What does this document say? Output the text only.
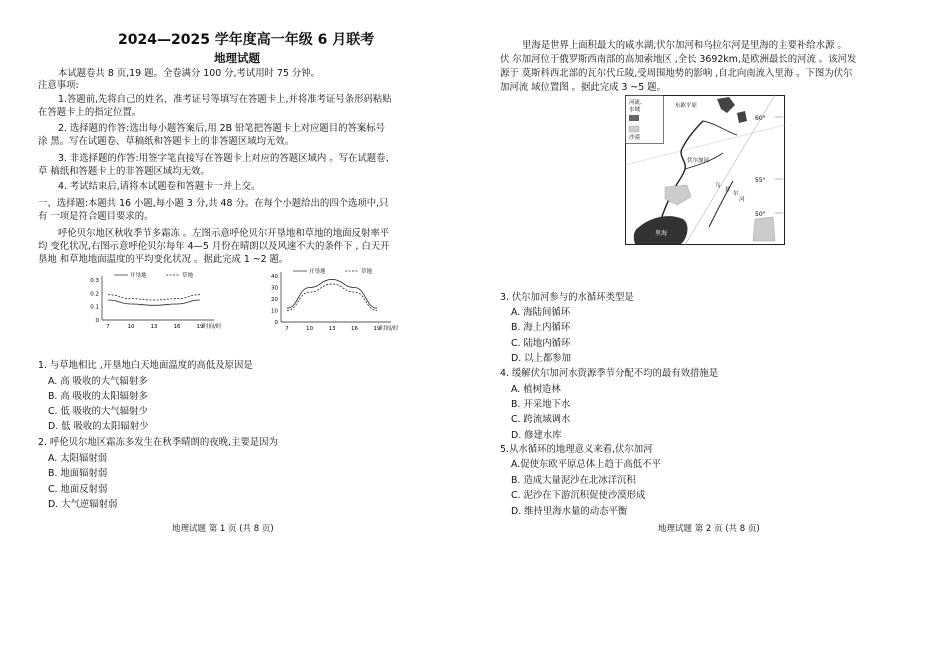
2024—2025 学年度高一年级 6 月联考
地理试题
本试题卷共 8 页,19 题。全卷满分 100 分,考试用时 75 分钟。
注意事项:
1.答题前,先将自己的姓名、准考证号等填写在答题卡上,并将准考证号条形码粘贴
在答题卡上的指定位置。
2. 选择题的作答:选出每小题答案后,用 2B 铅笔把答题卡上对应题目的答案标号
涂 黑。写在试题卷、草稿纸和答题卡上的非答题区域均无效。
3. 非选择题的作答:用签字笔直接写在答题卡上对应的答题区域内 。写在试题卷、
草 稿纸和答题卡上的非答题区域均无效。
4. 考试结束后,请将本试题卷和答题卡一并上交。
一、选择题:本题共 16 小题,每小题 3 分,共 48 分。在每个小题给出的四个选项中,只
有 一项是符合题目要求的。
呼伦贝尔地区秋收季节多霜冻 。左图示意呼伦贝尔开垦地和草地的地面反射率平
均 变化状况,右图示意呼伦贝尔每年 4—5 月份在晴朗以及风速不大的条件下 , 白天开
垦地 和草地地面温度的平均变化状况 。据此完成 1 ~2 题。
0
0.1
0.2
0.3
7	10	13	16	19 时间/时
开垦地	草地
0
10
20
30
40
7	10	13	16	19 时间/时
开垦地	草地
1. 与草地相比 ,开垦地白天地面温度的高低及原因是
A. 高 吸收的大气辐射多
B. 高 吸收的太阳辐射多
C. 低 吸收的大气辐射少
D. 低 吸收的太阳辐射少
2. 呼伦贝尔地区霜冻多发生在秋季晴朗的夜晚,主要是因为
A. 太阳辐射弱
B. 地面辐射弱
C. 地面反射弱
D. 大气逆辐射弱
地理试题 第 1 页 (共 8 页)
里海是世界上面积最大的咸水湖,伏尔加河和乌拉尔河是里海的主要补给水源 。
伏 尔加河位于俄罗斯西南部的高加索地区 ,全长 3692km,是欧洲最长的河流 。该河发
源于 莫斯科西北部的瓦尔代丘陵,受周围地势的影响 ,自北向南流入里海 。下图为伏尔
加河流 域位置图 。据此完成 3 ~5 题。
60°
55°
50°
河流、
水域
沙漠
东欧平原
伏尔加河
乌
拉
尔
河
里海
3. 伏尔加河参与的水循环类型是
A. 海陆间循环
B. 海上内循环
C. 陆地内循环
D. 以上都参加
4. 缓解伏尔加河水资源季节分配不均的最有效措施是
A. 植树造林
B. 开采地下水
C. 跨流域调水
D. 修建水库
5.从水循环的地理意义来看,伏尔加河
A.促使东欧平原总体上趋于高低不平
B. 造成大量泥沙在北冰洋沉积
C. 泥沙在下游沉积促使沙漠形成
D. 维持里海水量的动态平衡
地理试题 第 2 页 (共 8 页)
